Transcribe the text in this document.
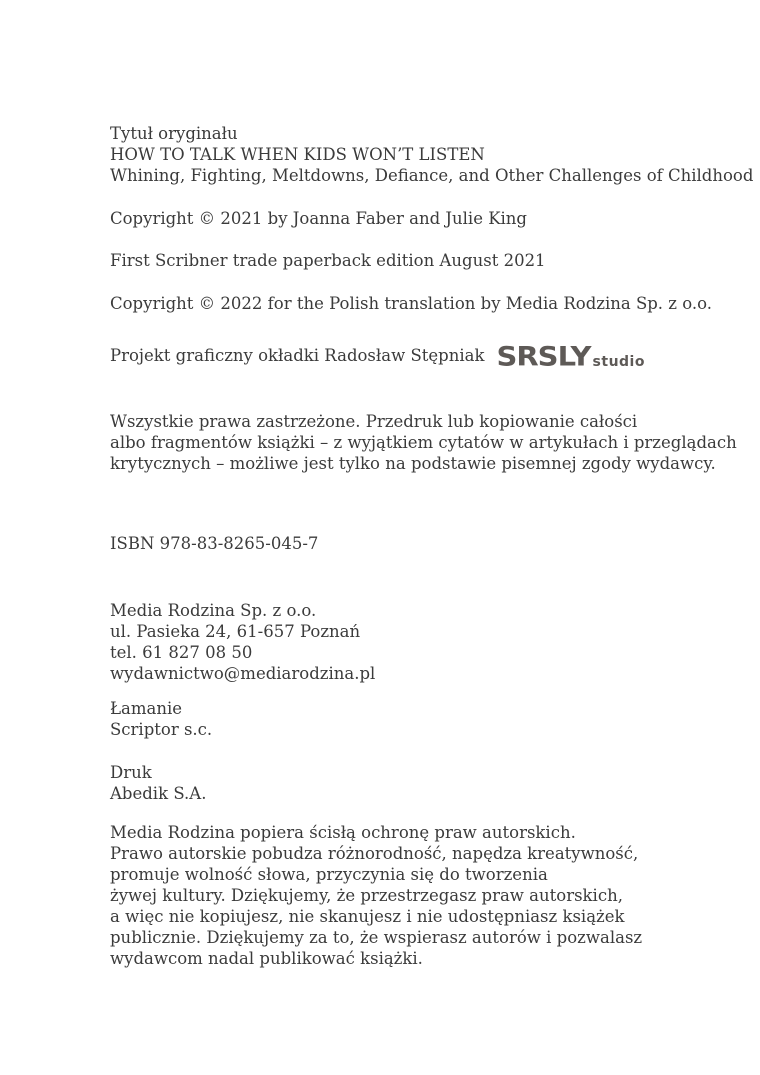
Tytuł oryginału
HOW TO TALK WHEN KIDS WON’T LISTEN
Whining, Fighting, Meltdowns, Defiance, and Other Challenges of Childhood
Copyright © 2021 by Joanna Faber and Julie King
First Scribner trade paperback edition August 2021
Copyright © 2022 for the Polish translation by Media Rodzina Sp. z o.o.
Projekt graficzny okładki Radosław Stępniak SRSLY studio
Wszystkie prawa zastrzeżone. Przedruk lub kopiowanie całości
albo fragmentów książki – z wyjątkiem cytatów w artykułach i przeglądach
krytycznych – możliwe jest tylko na podstawie pisemnej zgody wydawcy.
ISBN 978-83-8265-045-7
Media Rodzina Sp. z o.o.
ul. Pasieka 24, 61-657 Poznań
tel. 61 827 08 50
wydawnictwo@mediarodzina.pl
Łamanie
Scriptor s.c.
Druk
Abedik S.A.
Media Rodzina popiera ścisłą ochronę praw autorskich.
Prawo autorskie pobudza różnorodność, napędza kreatywność,
promuje wolność słowa, przyczynia się do tworzenia
żywej kultury. Dziękujemy, że przestrzegasz praw autorskich,
a więc nie kopiujesz, nie skanujesz i nie udostępniasz książek
publicznie. Dziękujemy za to, że wspierasz autorów i pozwalasz
wydawcom nadal publikować książki.
